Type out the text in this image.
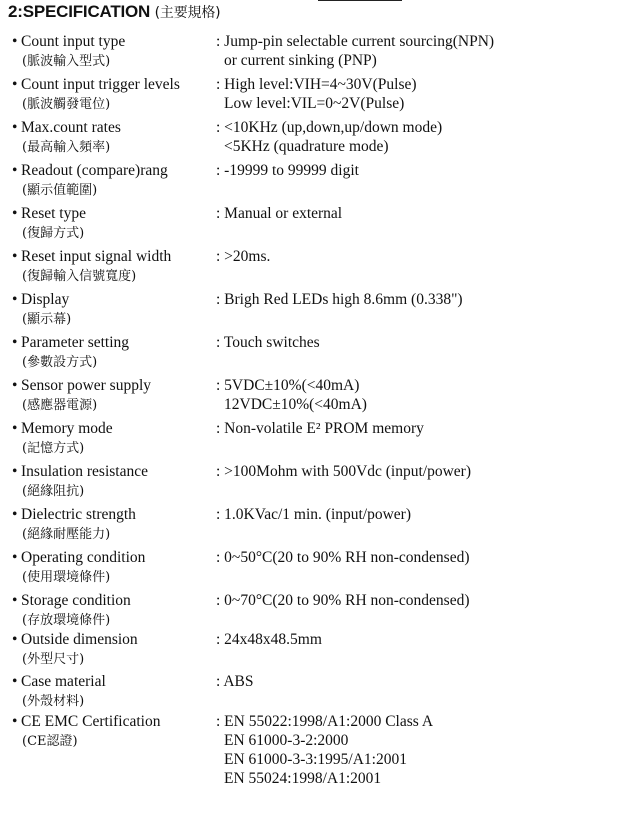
2:SPECIFICATION (主要規格)
• Count input type
(脈波輸入型式)
: Jump-pin selectable current sourcing(NPN)
or current sinking (PNP)
• Count input trigger levels
(脈波觸發電位)
: High level:VIH=4~30V(Pulse)
Low level:VIL=0~2V(Pulse)
• Max.count rates
(最高輸入頻率)
: <10KHz (up,down,up/down mode)
<5KHz (quadrature mode)
• Readout (compare)rang
(顯示值範圍)
: -19999 to 99999 digit
• Reset type
(復歸方式)
: Manual or external
• Reset input signal width
(復歸輸入信號寬度)
: >20ms.
• Display
(顯示幕)
: Brigh Red LEDs high 8.6mm (0.338")
• Parameter setting
(參數設方式)
: Touch switches
• Sensor power supply
(感應器電源)
: 5VDC±10%(<40mA)
12VDC±10%(<40mA)
• Memory mode
(記憶方式)
: Non-volatile E² PROM memory
• Insulation resistance
(絕緣阻抗)
: >100Mohm with 500Vdc (input/power)
• Dielectric strength
(絕緣耐壓能力)
: 1.0KVac/1 min. (input/power)
• Operating condition
(使用環境條件)
: 0~50°C(20 to 90% RH non-condensed)
• Storage condition
(存放環境條件)
: 0~70°C(20 to 90% RH non-condensed)
• Outside dimension
(外型尺寸)
: 24x48x48.5mm
• Case material
(外殼材料)
: ABS
• CE EMC Certification
(CE認證)
: EN 55022:1998/A1:2000 Class A
EN 61000-3-2:2000
EN 61000-3-3:1995/A1:2001
EN 55024:1998/A1:2001
